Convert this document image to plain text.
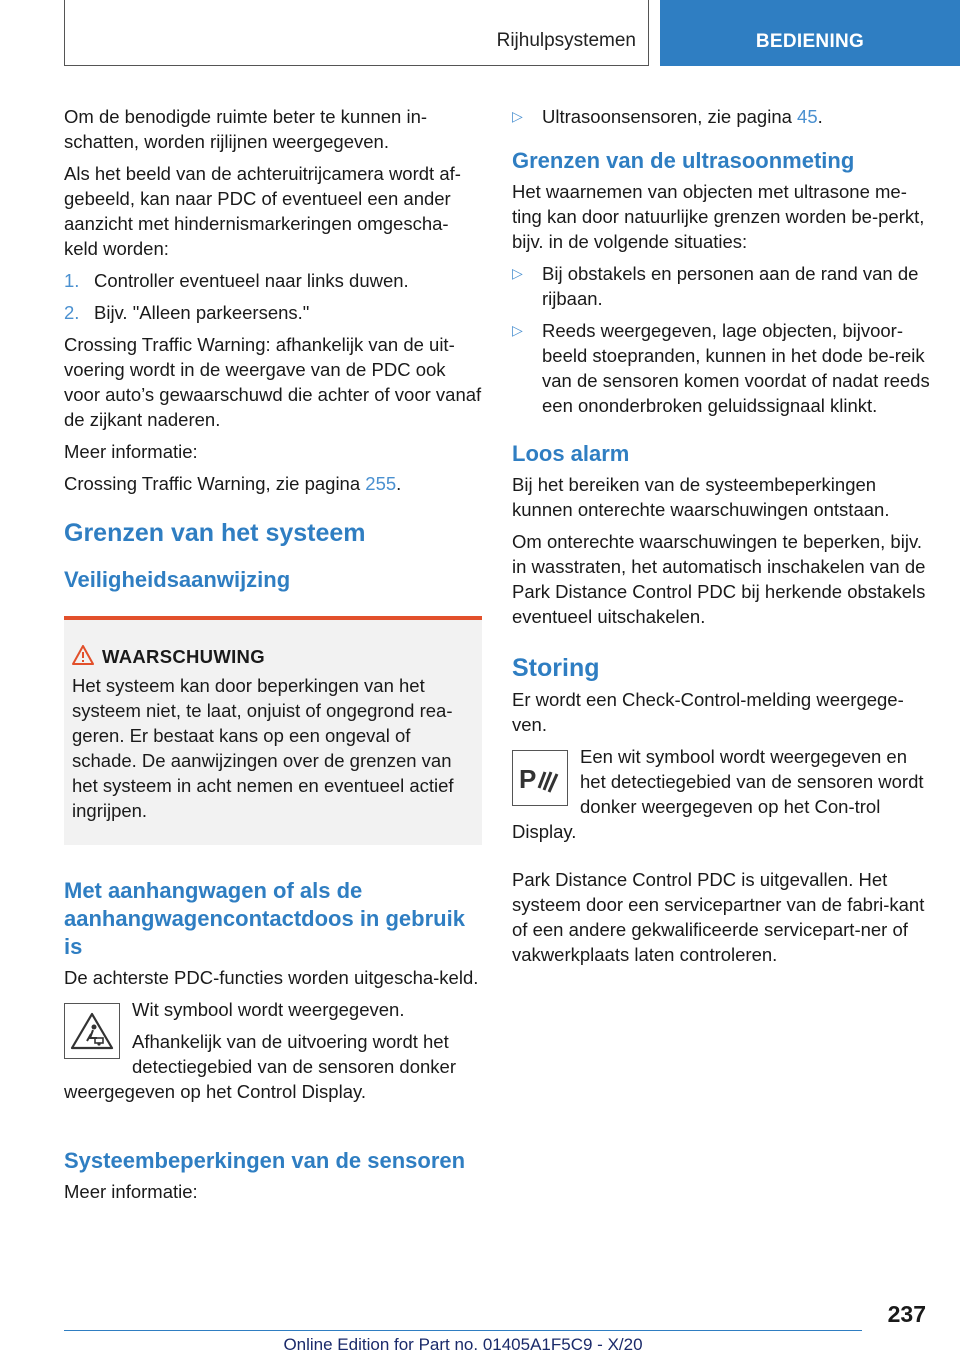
Rijhulpsystemen	BEDIENING

Om de benodigde ruimte beter te kunnen in-schatten, worden rijlijnen weergegeven.

Als het beeld van de achteruitrijcamera wordt af-gebeeld, kan naar PDC of eventueel een ander aanzicht met hindernismarkeringen omgescha-keld worden:

1. Controller eventueel naar links duwen.
2. Bijv. "Alleen parkeersens."

Crossing Traffic Warning: afhankelijk van de uit-voering wordt in de weergave van de PDC ook voor auto’s gewaarschuwd die achter of voor vanaf de zijkant naderen.

Meer informatie:

Crossing Traffic Warning, zie pagina 255.

Grenzen van het systeem
Veiligheidsaanwijzing
WAARSCHUWING

Het systeem kan door beperkingen van het systeem niet, te laat, onjuist of ongegrond rea-geren. Er bestaat kans op een ongeval of schade. De aanwijzingen over de grenzen van het systeem in acht nemen en eventueel actief ingrijpen.

Met aanhangwagen of als de aanhangwagencontactdoos in gebruik is

De achterste PDC-functies worden uitgescha-keld.

Wit symbool wordt weergegeven.

Afhankelijk van de uitvoering wordt het detectiegebied van de sensoren donker weergegeven op het Control Display.

Systeembeperkingen van de sensoren

Meer informatie:

▷ Ultrasoonsensoren, zie pagina 45.
Grenzen van de ultrasoonmeting

Het waarnemen van objecten met ultrasone me-ting kan door natuurlijke grenzen worden be-perkt, bijv. in de volgende situaties:

▷ Bij obstakels en personen aan de rand van de rijbaan.
▷ Reeds weergegeven, lage objecten, bijvoor-beeld stoepranden, kunnen in het dode be-reik van de sensoren komen voordat of nadat reeds een ononderbroken geluidssignaal klinkt.
Loos alarm

Bij het bereiken van de systeembeperkingen kunnen onterechte waarschuwingen ontstaan.

Om onterechte waarschuwingen te beperken, bijv. in wasstraten, het automatisch inschakelen van de Park Distance Control PDC bij herkende obstakels eventueel uitschakelen.

Storing

Er wordt een Check-Control-melding weergege-ven.

P

Een wit symbool wordt weergegeven en het detectiegebied van de sensoren wordt donker weergegeven op het Con-trol Display.

Park Distance Control PDC is uitgevallen. Het systeem door een servicepartner van de fabri-kant of een andere gekwalificeerde servicepart-ner of vakwerkplaats laten controleren.

237
Online Edition for Part no. 01405A1F5C9 - X/20
